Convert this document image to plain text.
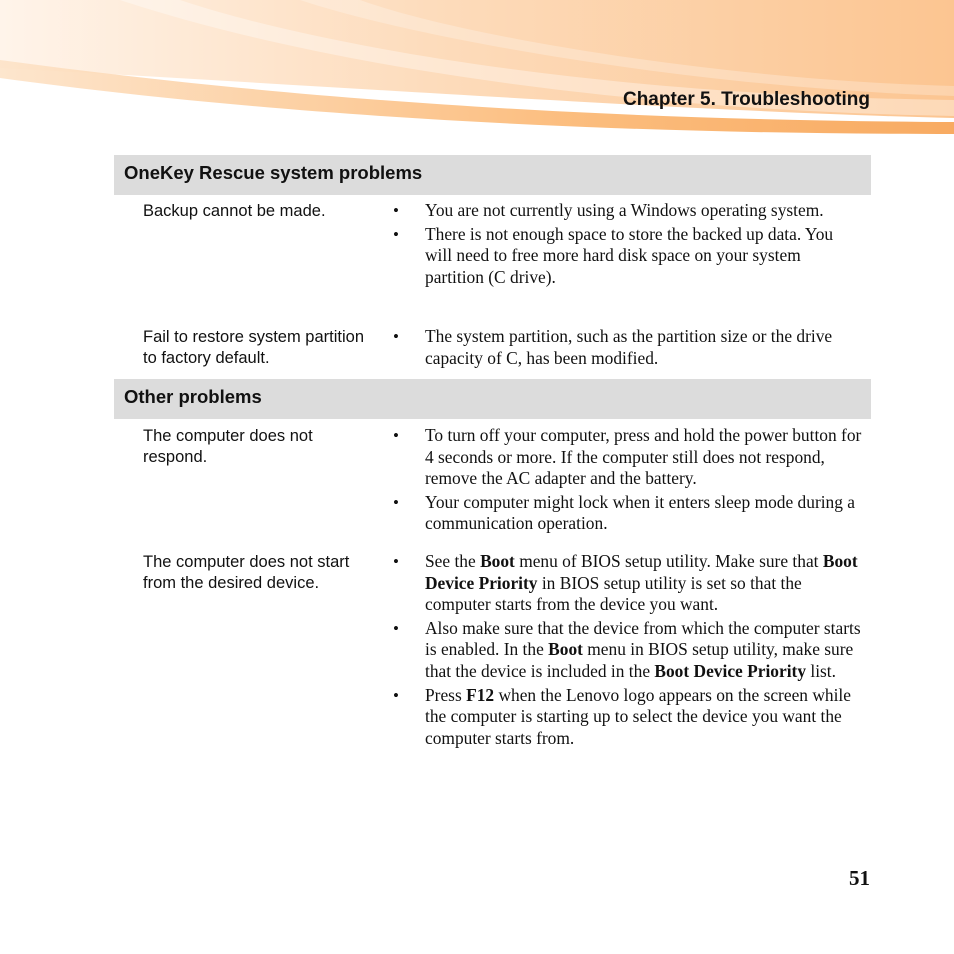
Chapter 5. Troubleshooting
OneKey Rescue system problems
Backup cannot be made.	• You are not currently using a Windows operating system.
• There is not enough space to store the backed up data. You will need to free more hard disk space on your system partition (C drive).
Fail to restore system partition to factory default.
• The system partition, such as the partition size or the drive capacity of C, has been modified.
Other problems
The computer does not respond.
• To turn off your computer, press and hold the power button for 4 seconds or more. If the computer still does not respond, remove the AC adapter and the battery.
• Your computer might lock when it enters sleep mode during a communication operation.
The computer does not start from the desired device.
• See the Boot menu of BIOS setup utility. Make sure that Boot Device Priority in BIOS setup utility is set so that the computer starts from the device you want.
• Also make sure that the device from which the computer starts is enabled. In the Boot menu in BIOS setup utility, make sure that the device is included in the Boot Device Priority list.
• Press F12 when the Lenovo logo appears on the screen while the computer is starting up to select the device you want the computer starts from.
51
